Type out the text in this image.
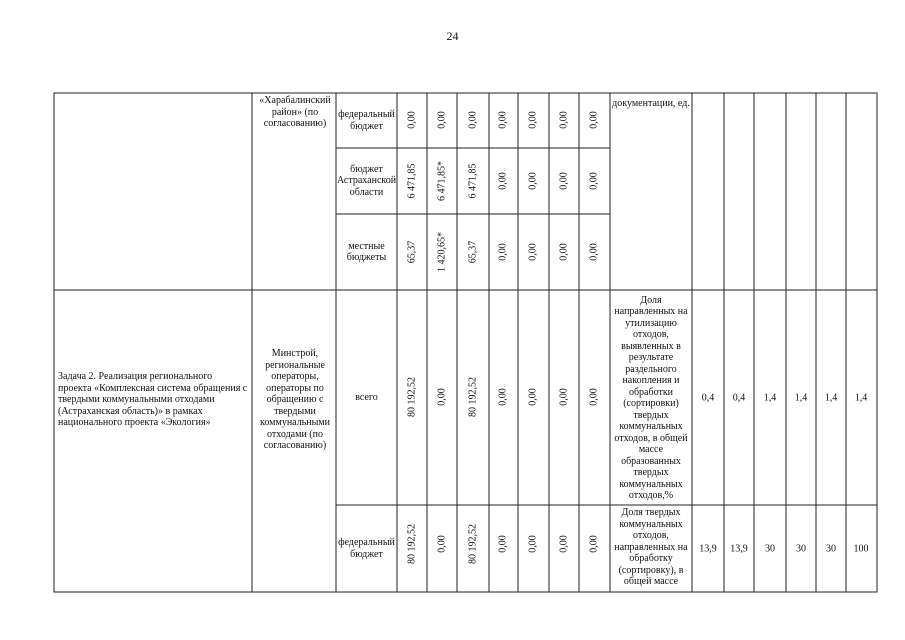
24
«Харабалинский район» (по согласованию)
документации, ед.
федеральный бюджет
бюджет Астраханской области
местные бюджеты
Задача 2. Реализация регионального проекта «Комплексная система обращения с твердыми коммунальными отходами (Астраханская область)» в рамках национального проекта «Экология»
Минстрой, региональные операторы, операторы по обращению с твердыми коммунальными отходами (по согласованию)
всего
федеральный бюджет
Доля направленных на утилизацию отходов, выявленных в результате раздельного накопления и обработки (сортировки) твердых коммунальных отходов, в общей массе образованных твердых коммунальных отходов,%
Доля твердых коммунальных отходов, направленных на обработку (сортировку), в общей массе
0,00 0,00 0,00 0,00 0,00 0,00 0,00
6 471,85 6 471,85* 6 471,85 0,00 0,00 0,00 0,00
65,37 1 420,65* 65,37 0,00 0,00 0,00 0,00
80 192,52 0,00 80 192,52 0,00 0,00 0,00 0,00
80 192,52 0,00 80 192,52 0,00 0,00 0,00 0,00
0,4 0,4 1,4 1,4 1,4 1,4
13,9 13,9 30 30 30 100
